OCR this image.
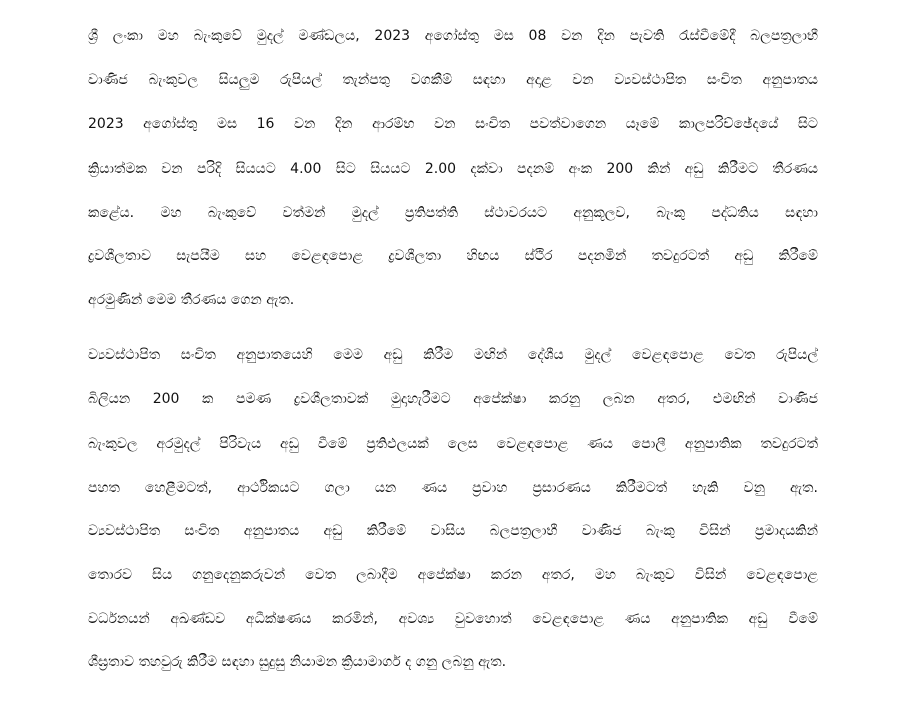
ශ්‍රී ලංකා මහ බැංකුවේ මුදල් මණ්ඩලය, 2023 අගෝස්තු මස 08 වන දින පැවති රැස්වීමේදී බලපත්‍රලාභී
වාණිජ බැංකුවල සියලුම රුපියල් තැන්පතු වගකීම් සඳහා අදාළ වන ව්‍යවස්ථාපිත සංචිත අනුපාතය
2023 අගෝස්තු මස 16 වන දින ආරම්භ වන සංචිත පවත්වාගෙන යෑමේ කාලපරිච්ඡේදයේ සිට
ක්‍රියාත්මක වන පරිදි සියයට 4.00 සිට සියයට 2.00 දක්වා පදනම් අංක 200 කින් අඩු කිරීමට තීරණය
කළේය. මහ බැංකුවේ වත්මන් මුදල් ප්‍රතිපත්ති ස්ථාවරයට අනුකූලව, බැංකු පද්ධතිය සඳහා
ද්‍රවශීලතාව සැපයීම සහ වෙළඳපොළ ද්‍රවශීලතා හිඟය ස්ථිර පදනමින් තවදුරටත් අඩු කිරීමේ
අරමුණින් මෙම තීරණය ගෙන ඇත.
ව්‍යවස්ථාපිත සංචිත අනුපාතයෙහි මෙම අඩු කිරීම මඟින් දේශීය මුදල් වෙළඳපොළ වෙත රුපියල්
බිලියන 200 ක පමණ ද්‍රවශීලතාවක් මුදාහැරීමට අපේක්ෂා කරනු ලබන අතර, එමඟින් වාණිජ
බැංකුවල අරමුදල් පිරිවැය අඩු වීමේ ප්‍රතිඵලයක් ලෙස වෙළඳපොළ ණය පොලී අනුපාතික තවදුරටත්
පහත හෙළීමටත්, ආර්ථිකයට ගලා යන ණය ප්‍රවාහ ප්‍රසාරණය කිරීමටත් හැකි වනු ඇත.
ව්‍යවස්ථාපිත සංචිත අනුපාතය අඩු කිරීමේ වාසිය බලපත්‍රලාභී වාණිජ බැංකු විසින් ප්‍රමාදයකින්
තොරව සිය ගනුදෙනුකරුවන් වෙත ලබාදීම අපේක්ෂා කරන අතර, මහ බැංකුව විසින් වෙළඳපොළ
වර්ධනයන් අඛණ්ඩව අධීක්ෂණය කරමින්, අවශ්‍ය වුවහොත් වෙළඳපොළ ණය අනුපාතික අඩු වීමේ
ශීඝ්‍රතාව තහවුරු කිරීම සඳහා සුදුසු නියාමන ක්‍රියාමාර්ග ද ගනු ලබනු ඇත.
